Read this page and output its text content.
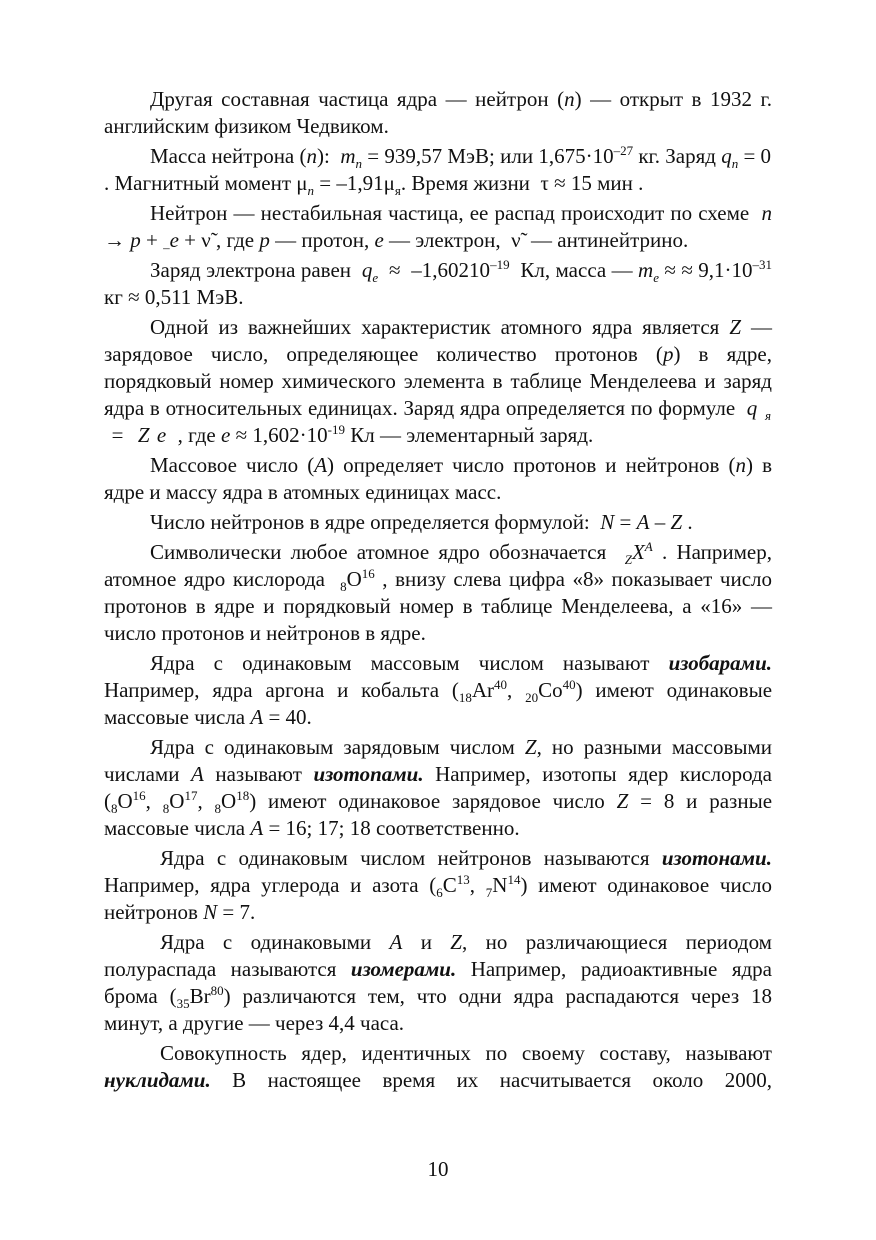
Другая составная частица ядра — нейтрон (n) — открыт в 1932 г. английским физиком Чедвиком.

Масса нейтрона (n):  $m_n = 939,57$ МэВ; или $1,675\cdot 10^{-27}$ кг. Заряд $q_n = 0$ . Магнитный момент $\mu_n = -1,91\mu_я$. Время жизни  τ ≈ 15 мин .

Нейтрон — нестабильная частица, ее распад происходит по схеме  n → p + $_-$e + ν̃ , где p — протон, e — электрон,  ν̃  — антинейтрино.

Заряд электрона равен  $q_e \approx -1,60210^{-19}$  Кл, масса — $m_e$ ≈ ≈ $9,1\cdot 10^{-31}$ кг ≈ 0,511 МэВ.

Одной из важнейших характеристик атомного ядра является Z — зарядовое число, определяющее количество протонов (p) в ядре, порядковый номер химического элемента в таблице Менделеева и заряд ядра в относительных единицах. Заряд ядра определяется по формуле  q $_я$  =  Z e  , где $e \approx 1,602\cdot 10^{-19}$ Кл — элементарный заряд.

Массовое число (A) определяет число протонов и нейтронов (n) в ядре и массу ядра в атомных единицах масс.

Число нейтронов в ядре определяется формулой:  N = A – Z .

Символически любое атомное ядро обозначается  $_ZX^A$ . Например, атомное ядро кислорода  $_8O^{16}$ , внизу слева цифра «8» показывает число протонов в ядре и порядковый номер в таблице Менделеева, а «16» — число протонов и нейтронов в ядре.

Ядра с одинаковым массовым числом называют изобарами. Например, ядра аргона и кобальта ($_{18}Ar^{40}$, $_{20}Co^{40}$) имеют одинаковые массовые числа A = 40.

Ядра с одинаковым зарядовым числом Z, но разными массовыми числами A называют изотопами. Например, изотопы ядер кислорода ($_8O^{16}$, $_8O^{17}$, $_8O^{18}$) имеют одинаковое зарядовое число Z = 8 и разные массовые числа A = 16; 17; 18 соответственно.

Ядра с одинаковым числом нейтронов называются изотонами. Например, ядра углерода и азота ($_6C^{13}$, $_7N^{14}$) имеют одинаковое число нейтронов N = 7.

Ядра с одинаковыми A и Z, но различающиеся периодом полураспада называются изомерами. Например, радиоактивные ядра брома $(_{35}Br^{80})$ различаются тем, что одни ядра распадаются через 18 минут, а другие — через 4,4 часа.

Совокупность ядер, идентичных по своему составу, называют нуклидами. В настоящее время их насчитывается около 2000,

10
